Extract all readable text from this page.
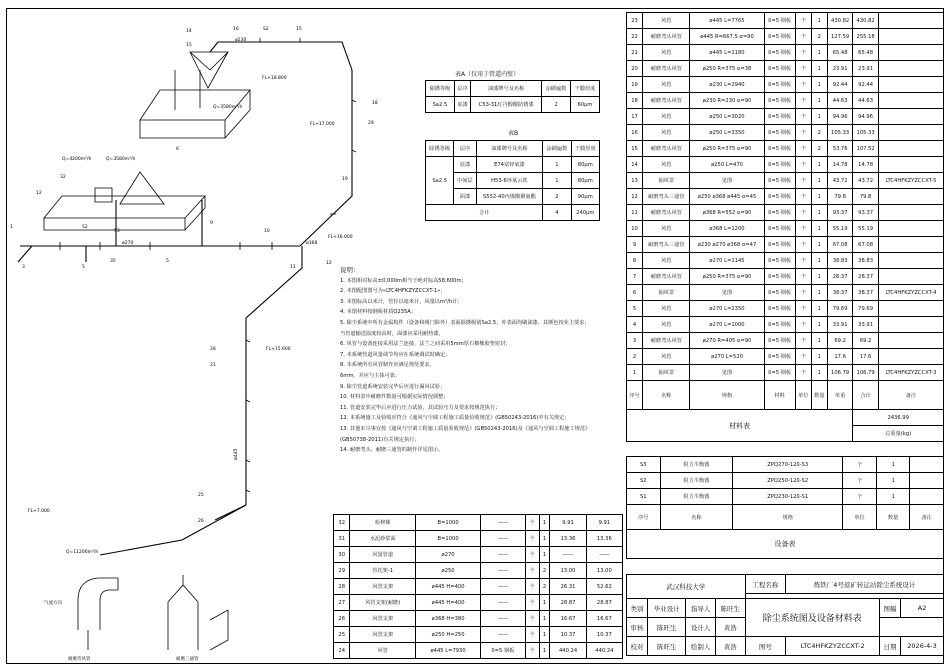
ø230
FL+18.800
Q=3580m³/h
FL+17.000
Q=4200m³/h	Q=3580m³/h
ø270	ø368
FL+16.000
FL+15.600
ø445
FL+7.000
Q=11200m³/h
耐磨弯风管	耐磨三通管
气流方向
14	16	S2	15
15
18
29
19
9
10
11
12
28
21
25
26
35
5
5
1
3
32
12
S2
S3
6
表A（仅用于管道内壁）
除锈等级	层序	油漆牌号及名称	涂刷遍数	干膜厚度
Sa2.5	底漆	C53-31红丹醇酸防锈漆	2	60μm
表B
除锈等级	层序	油漆牌号及名称	涂刷遍数	干膜厚度
Sa2.5	底漆	E74富锌底漆	1	80μm
	中间层	H53-6环氧云铁	1	80μm
	面漆	S552-40丙烯酸聚氨酯	2	90μm
合计			4	240μm
说明：
1. 本图相对标高±0.000m相当于绝对标高58.600m；
2. 本图配图图号为«LTC4HFKZYZCCXT-1»；
3. 本图标高以米计，管径以毫米计，风量以m³/h计；
4. 本图材料按钢板材质Q235A；
5. 除尘系统中所有金属构件（设备和阀门除外）表面除锈级别Sa2.5，外表面均刷油漆，其颜色按业主要求；
当管道输送温度较高时，面漆应采用耐热漆，
6. 风管与设备连接采用法兰连接，法兰之间采用5mm厚石棉橡胶垫密封；
7. 本系统管道风量调节均应在系统调试时确定；
8. 本系统所有风管制作应满足规范要求，
6mm，并应与主体可靠；
9. 除尘管道系统安装完毕后应进行漏风试验；
10. 材料表中耐磨件数量可根据实际情况调整；
11. 管道安装完毕后应进行压力试验，其试验压力及要求按规范执行；
12. 本系统施工及验收应符合《通风与空调工程施工质量验收规范》(GB50243-2016)中有关规定；
13. 其他未尽事宜按《通风与空调工程施工质量验收规范》(GB50243-2016)及《通风与空调工程施工规范》
(GB50738-2011)有关规定执行；
14. 耐磨弯头、耐磨三通管的制作详见图示。
32	检修梯	B=1000	——	个	1	9.91	9.91
31	水泥砂浆面	B=1000	——	个	1	13.36	13.36
30	风量管道	ø270	——	个	1	——	——
29	管托架-1	ø250	——	个	2	13.00	13.00
28	风管支架	ø445 H=400	——	个	2	26.31	52.62
27	风管支架(耐磨)	ø445 H=400	——	个	1	28.87	28.87
26	风管支架	ø368 H=380	——	个	1	16.67	16.67
25	风管支架	ø250 H=250	——	个	1	10.37	10.37
24	风管	ø445 L=7930	δ=5 钢板	个	1	440.24	440.24
23	风管	ø445 L=7765	δ=5 钢板	个	1	430.82	430.82	
22	耐磨弯头风管	ø445 R=667.5 α=90	δ=5 钢板	个	2	127.59	255.18	
21	风管	ø445 L=1180	δ=5 钢板	个	1	65.48	65.48	
20	耐磨弯头风管	ø250 R=375 α=38	δ=5 钢板	个	1	23.91	23.91	
19	风管	ø230 L=2940	δ=5 钢板	个	1	92.44	92.44	
18	耐磨弯头风管	ø230 R=230 α=90	δ=5 钢板	个	1	44.63	44.63	
17	风管	ø250 L=3020	δ=5 钢板	个	1	94.96	94.96	
16	风管	ø250 L=3350	δ=5 钢板	个	2	105.33	105.33	
15	耐磨弯头风管	ø250 R=375 α=90	δ=5 钢板	个	2	53.76	107.52	
14	风管	ø250 L=470	δ=5 钢板	个	1	14.78	14.78	
13	抽风罩	见图	δ=5 钢板	个	1	43.72	43.72	LTC4HFKZYZCCXT-5
12	耐磨弯头三通管	ø250 ø368 ø445 α=45	δ=5 钢板	个	1	79.8	79.8	
11	耐磨弯头风管	ø368 R=552 α=90	δ=5 钢板	个	1	93.37	93.37	
10	风管	ø368 L=1200	δ=5 钢板	个	1	55.19	55.19	
9	耐磨弯头三通管	ø230 ø270 ø368 α=47	δ=5 钢板	个	1	67.08	67.08	
8	风管	ø270 L=1145	δ=5 钢板	个	1	38.83	38.83	
7	耐磨弯头风管	ø250 R=375 α=90	δ=5 钢板	个	1	28.37	28.37	
6	抽风罩	见图	δ=5 钢板	个	1	38.37	38.37	LTC4HFKZYZCCXT-4
5	风管	ø270 L=2350	δ=5 钢板	个	1	79.69	79.69	
4	风管	ø270 L=1000	δ=5 钢板	个	1	33.91	33.91	
3	耐磨弯头风管	ø270 R=405 α=90	δ=5 钢板	个	1	69.2	69.2	
2	风管	ø270 L=520	δ=5 钢板	个	1	17.6	17.6	
1	抽风罩	见图	δ=5 钢板	个	1	106.79	106.79	LTC4HFKZYZCCXT-3
序号	名称	规格	材料	单位	数量	单重	合计	备注
材料表							2436.99	
							总重量(kg)	
S3	阻力平衡器	ZPQ270-120-S3	个	1	
S2	阻力平衡器	ZPQ250-120-S2	个	1	
S1	阻力平衡器	ZPQ230-120-S1	个	1	
序号	名称	规格	单位	数量	备注
设备表					
武汉科技大学				工程名称	炼铁厂4号返矿转运站除尘系统设计		

类别	毕业设计	指导人	陈旺生	除尘系统图及设备材料表		图幅	A2
审核	陈旺生	设计人	黄浩				
校对	陈旺生	绘制人	黄浩	图号	LTC4HFKZYZCCXT-2	日期	2026-4-3
